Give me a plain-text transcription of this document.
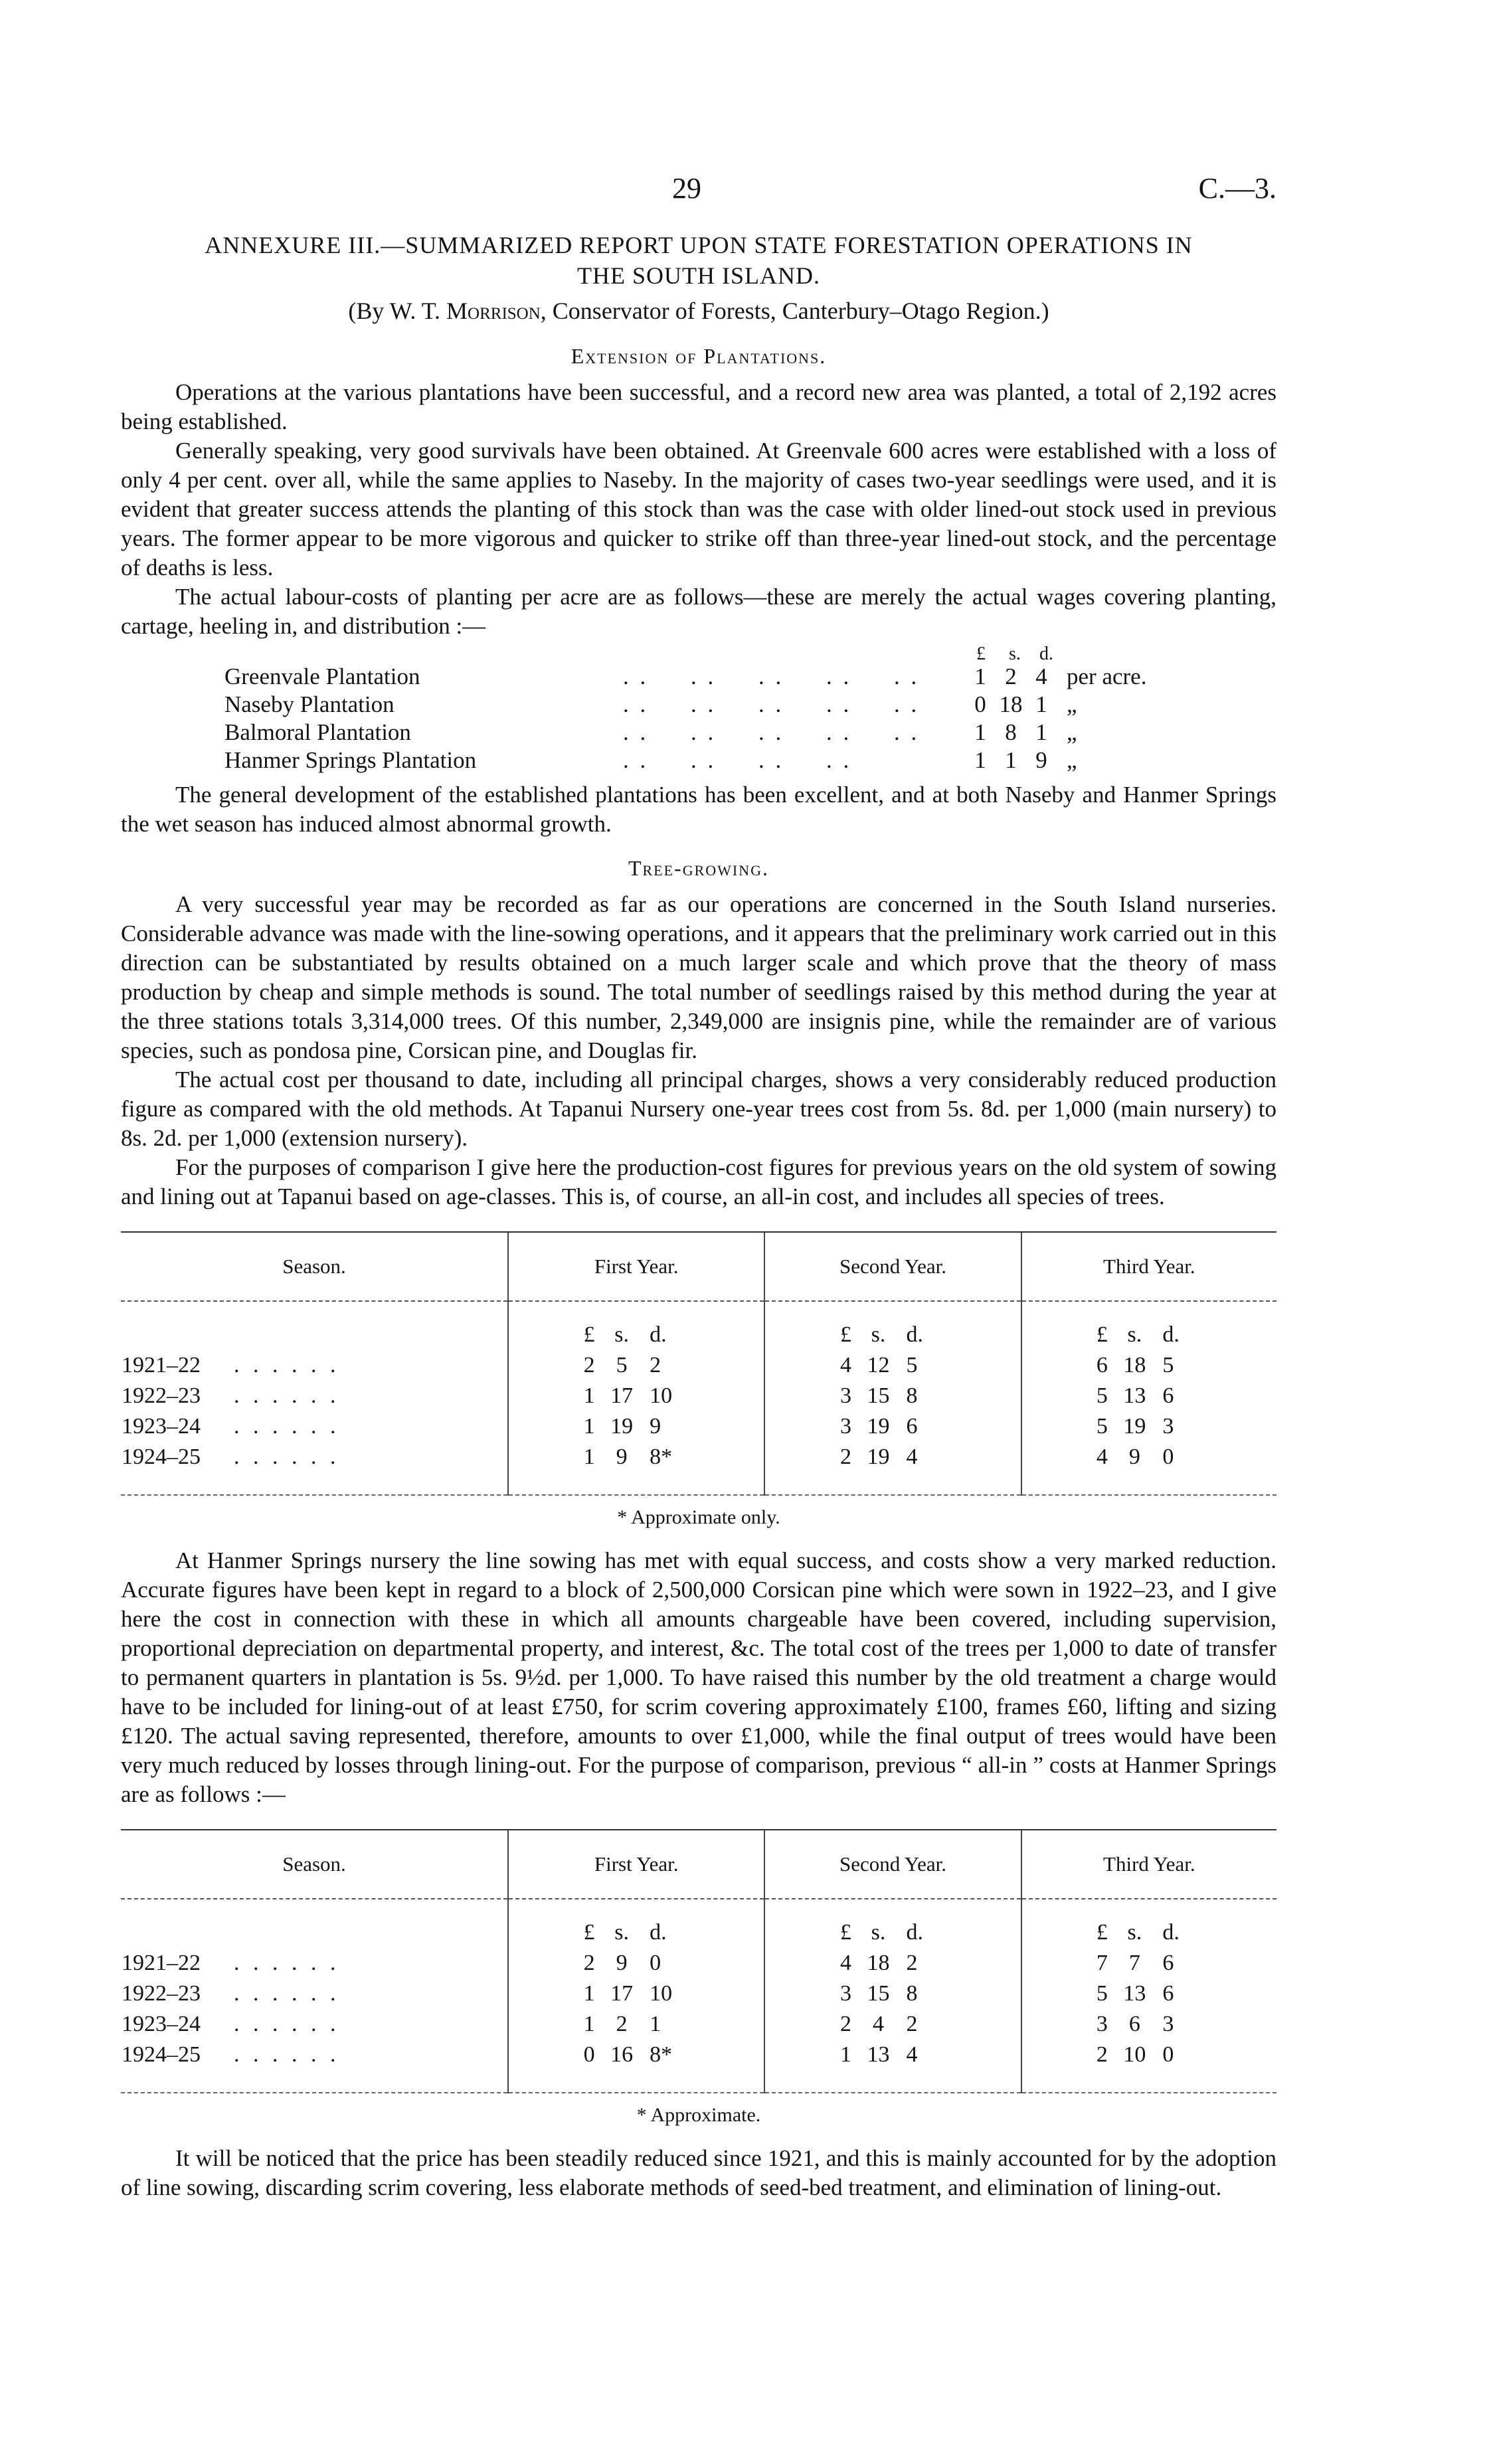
29	C.—3.
ANNEXURE III.—SUMMARIZED REPORT UPON STATE FORESTATION OPERATIONS IN
THE SOUTH ISLAND.
(By W. T. Morrison, Conservator of Forests, Canterbury–Otago Region.)
Extension of Plantations.

Operations at the various plantations have been successful, and a record new area was planted, a total of 2,192 acres being established.

Generally speaking, very good survivals have been obtained. At Greenvale 600 acres were established with a loss of only 4 per cent. over all, while the same applies to Naseby. In the majority of cases two-year seedlings were used, and it is evident that greater success attends the planting of this stock than was the case with older lined-out stock used in previous years. The former appear to be more vigorous and quicker to strike off than three-year lined-out stock, and the percentage of deaths is less.

The actual labour-costs of planting per acre are as follows—these are merely the actual wages covering planting, cartage, heeling in, and distribution :—

£ s. d.
Greenvale Plantation	. .     . .     . .     . .     . .	1 2 4 per acre.
Naseby Plantation	. .     . .     . .     . .     . .	0 18 1 „
Balmoral Plantation	. .     . .     . .     . .     . .	1 8 1 „
Hanmer Springs Plantation	. .     . .     . .     . .	1 1 9 „

The general development of the established plantations has been excellent, and at both Naseby and Hanmer Springs the wet season has induced almost abnormal growth.

Tree-growing.

A very successful year may be recorded as far as our operations are concerned in the South Island nurseries. Considerable advance was made with the line-sowing operations, and it appears that the preliminary work carried out in this direction can be substantiated by results obtained on a much larger scale and which prove that the theory of mass production by cheap and simple methods is sound. The total number of seedlings raised by this method during the year at the three stations totals 3,314,000 trees. Of this number, 2,349,000 are insignis pine, while the remainder are of various species, such as pondosa pine, Corsican pine, and Douglas fir.

The actual cost per thousand to date, including all principal charges, shows a very considerably reduced production figure as compared with the old methods. At Tapanui Nursery one-year trees cost from 5s. 8d. per 1,000 (main nursery) to 8s. 2d. per 1,000 (extension nursery).

For the purposes of comparison I give here the production-cost figures for previous years on the old system of sowing and lining out at Tapanui based on age-classes. This is, of course, an all-in cost, and includes all species of trees.

Season.	First Year.	Second Year.	Third Year.
	£ s. d.	£ s. d.	£ s. d.
1921–22 . . . . . .	2 5 2	4 12 5	6 18 5
1922–23 . . . . . .	1 17 10	3 15 8	5 13 6
1923–24 . . . . . .	1 19 9	3 19 6	5 19 3
1924–25 . . . . . .	1 9 8*	2 19 4	4 9 0
* Approximate only.

At Hanmer Springs nursery the line sowing has met with equal success, and costs show a very marked reduction. Accurate figures have been kept in regard to a block of 2,500,000 Corsican pine which were sown in 1922–23, and I give here the cost in connection with these in which all amounts chargeable have been covered, including supervision, proportional depreciation on departmental property, and interest, &c. The total cost of the trees per 1,000 to date of transfer to permanent quarters in plantation is 5s. 9½d. per 1,000. To have raised this number by the old treatment a charge would have to be included for lining-out of at least £750, for scrim covering approximately £100, frames £60, lifting and sizing £120. The actual saving represented, therefore, amounts to over £1,000, while the final output of trees would have been very much reduced by losses through lining-out. For the purpose of comparison, previous “ all-in ” costs at Hanmer Springs are as follows :—

Season.	First Year.	Second Year.	Third Year.
	£ s. d.	£ s. d.	£ s. d.
1921–22 . . . . . .	2 9 0	4 18 2	7 7 6
1922–23 . . . . . .	1 17 10	3 15 8	5 13 6
1923–24 . . . . . .	1 2 1	2 4 2	3 6 3
1924–25 . . . . . .	0 16 8*	1 13 4	2 10 0
* Approximate.

It will be noticed that the price has been steadily reduced since 1921, and this is mainly accounted for by the adoption of line sowing, discarding scrim covering, less elaborate methods of seed-bed treatment, and elimination of lining-out.
